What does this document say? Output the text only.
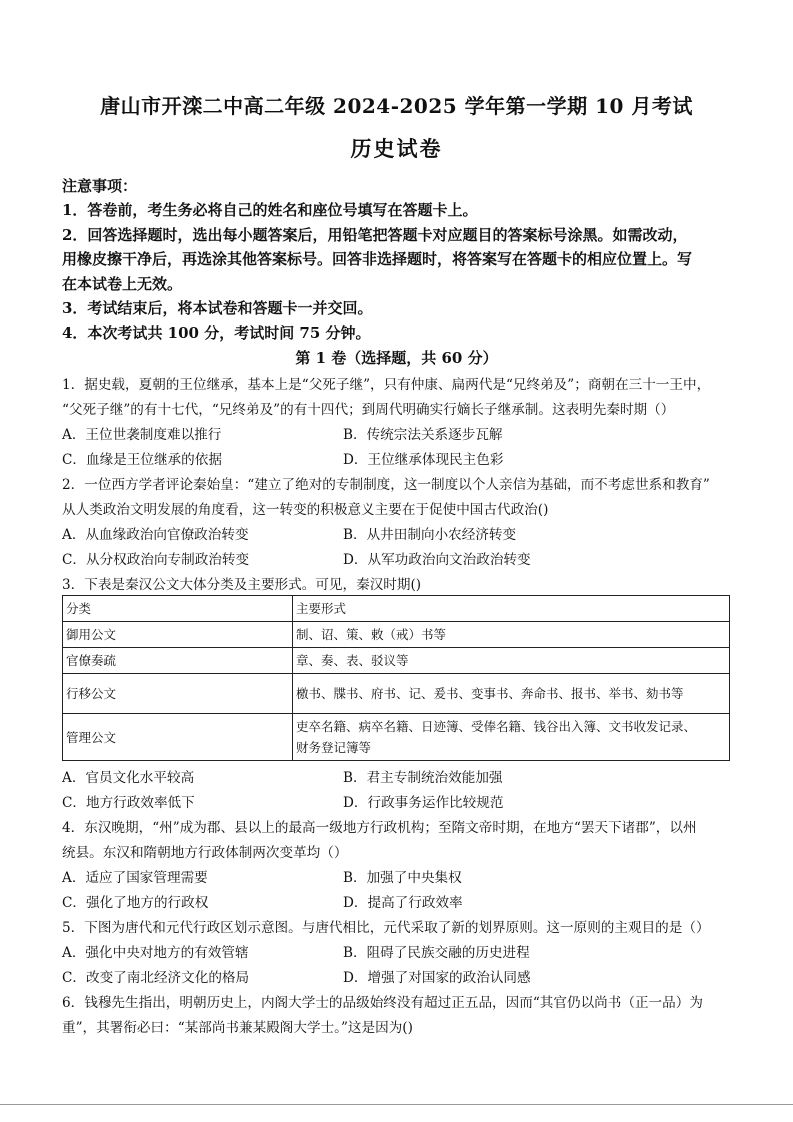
唐山市开滦二中高二年级 2024-2025 学年第一学期 10 月考试
历史试卷
注意事项：
1．答卷前，考生务必将自己的姓名和座位号填写在答题卡上。
2．回答选择题时，选出每小题答案后，用铅笔把答题卡对应题目的答案标号涂黑。如需改动，
用橡皮擦干净后，再选涂其他答案标号。回答非选择题时，将答案写在答题卡的相应位置上。写
在本试卷上无效。
3．考试结束后，将本试卷和答题卡一并交回。
4．本次考试共 100 分，考试时间 75 分钟。
第 1 卷（选择题，共 60 分）
1．据史载，夏朝的王位继承，基本上是“父死子继”，只有仲康、扁两代是“兄终弟及”；商朝在三十一王中，
“父死子继”的有十七代，“兄终弟及”的有十四代；到周代明确实行嫡长子继承制。这表明先秦时期（）
A．王位世袭制度难以推行	B．传统宗法关系逐步瓦解
C．血缘是王位继承的依据	D．王位继承体现民主色彩
2．一位西方学者评论秦始皇：“建立了绝对的专制制度，这一制度以个人亲信为基础，而不考虑世系和教育”
从人类政治文明发展的角度看，这一转变的积极意义主要在于促使中国古代政治()
A．从血缘政治向官僚政治转变	B．从井田制向小农经济转变
C．从分权政治向专制政治转变	D．从军功政治向文治政治转变
3．下表是秦汉公文大体分类及主要形式。可见，秦汉时期()
分类	主要形式
御用公文	制、诏、策、敕（戒）书等
官僚奏疏	章、奏、表、驳议等
行移公文	檄书、牒书、府书、记、爰书、变事书、奔命书、报书、举书、劾书等
管理公文	吏卒名籍、病卒名籍、日迹簿、受俸名籍、钱谷出入簿、文书收发记录、
财务登记簿等
A．官员文化水平较高	B．君主专制统治效能加强
C．地方行政效率低下	D．行政事务运作比较规范
4．东汉晚期，“州”成为郡、县以上的最高一级地方行政机构；至隋文帝时期，在地方“罢天下诸郡”，以州
统县。东汉和隋朝地方行政体制两次变革均（）
A．适应了国家管理需要	B．加强了中央集权
C．强化了地方的行政权	D．提高了行政效率
5．下图为唐代和元代行政区划示意图。与唐代相比，元代采取了新的划界原则。这一原则的主观目的是（）
A．强化中央对地方的有效管辖	B．阻碍了民族交融的历史进程
C．改变了南北经济文化的格局	D．增强了对国家的政治认同感
6．钱穆先生指出，明朝历史上，内阁大学士的品级始终没有超过正五品，因而“其官仍以尚书（正一品）为
重”，其署衔必曰：“某部尚书兼某殿阁大学士。”这是因为()
